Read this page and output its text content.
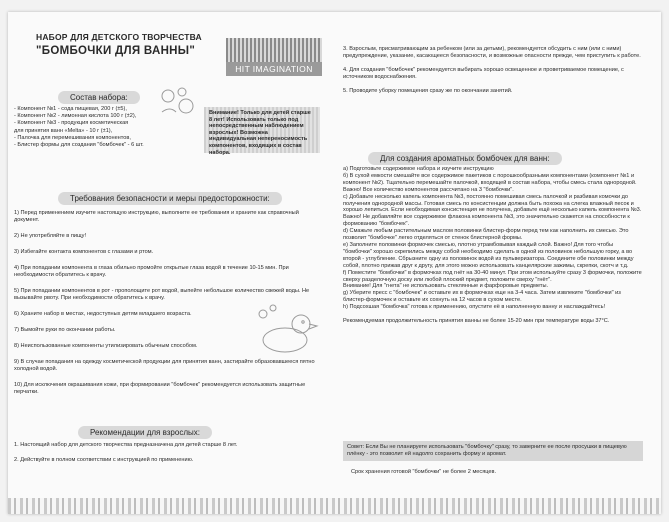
НАБОР ДЛЯ ДЕТСКОГО ТВОРЧЕСТВА
"БОМБОЧКИ ДЛЯ ВАННЫ"
HIT IMAGINATION
Состав набора:
- Компонент №1 - сода пищевая, 200 г (±5),
- Компонент №2 - лимонная кислота 100 г (±2),
- Компонент №3 - продукция косметическая
для принятия ванн «Melta» - 10 г (±1),
- Палочка для перемешивания компонентов,
- Блистер формы для создания "бомбочек" - 6 шт.
Внимание! Только для детей старше 8 лет! Использовать только под непосредственным наблюдением взрослых! Возможна индивидуальная непереносимость компонентов, входящих в состав набора.
Требования безопасности и меры предосторожности:

1) Перед применением изучите настоящую инструкцию, выполните ее требования и храните как справочный документ.

2) Не употребляйте в пищу!

3) Избегайте контакта компонентов с глазами и ртом.

4) При попадании компонента в глаза обильно промойте открытые глаза водой в течение 10-15 мин. При необходимости обратитесь к врачу.

5) При попадании компонентов в рот - прополощите рот водой, выпейте небольшое количество свежей воды. Не вызывайте рвоту. При необходимости обратитесь к врачу.

6) Храните набор в местах, недоступных детям младшего возраста.

7) Вымойте руки по окончании работы.

8) Неиспользованные компоненты утилизировать обычным способом.

9) В случае попадания на одежду косметической продукции для принятия ванн, застирайте образовавшееся пятно холодной водой.

10) Для исключения окрашивания кожи, при формировании "бомбочек" рекомендуется использовать защитные перчатки.

Рекомендации для взрослых:

1. Настоящий набор для детского творчества предназначена для детей старше 8 лет.

2. Действуйте в полном соответствии с инструкцией по применению.

3. Взрослым, присматривающим за ребенком (или за детьми), рекомендуется обсудить с ним (или с ними) предупреждение, указание, касающееся безопасности, и возможные опасности прежде, чем приступить к работе.

4. Для создания "бомбочек" рекомендуется выбирать хорошо освещенное и проветриваемое помещение, с источником водоснабжения.

5. Проводите уборку помещения сразу же по окончании занятий.

Для создания ароматных бомбочек для ванн:

а) Подготовьте содержимое набора и изучите инструкцию

б) В сухой емкости смешайте все содержимое пакетиков с порошкообразными компонентами (компонент №1 и компонент №2). Тщательно перемешайте палочкой, входящей в состав набора, чтобы смесь стала однородной.

Важно! Все количество компонентов рассчитано на 3 "бомбочки".

с) Добавьте несколько капель компонента №3, постоянно помешивая смесь палочкой и разбивая комочки до получения однородной массы. Готовая смесь по консистенции должна быть похожа на слегка влажный песок и хорошо лепиться. Если необходимая консистенция не получена, добавьте ещё несколько капель компонента №3. Важно! Не добавляйте все содержимое флакона компонента №3, это значительно скажется на способности к формованию "бомбочек".

d) Смажьте любым растительным маслом половинки блистер-форм перед тем как наполнить их смесью. Это позволит "бомбочке" легко отделяться от стенок блистерной формы.

е) Заполните половинки формочек смесью, плотно утрамбовывая каждый слой. Важно! Для того чтобы "бомбочки" хорошо скрепились между собой необходимо сделать в одной из половинок небольшую горку, а во второй - углубление. Сбрызните одну из половинок водой из пульверизатора. Соедините обе половинки между собой, плотно прижав друг к другу, для этого можно использовать канцелярские зажимы, скрепки, скотч и т.д.

f) Поместите "бомбочки" в формочках под гнёт на 30-40 минут. При этом используйте сразу 3 формочки, положите сверху разделочную доску или любой плоский предмет, положите сверху "гнёт".

Внимание! Для "гнета" не использовать стеклянные и фарфоровые предметы.

g) Уберите пресс с "бомбочек" и оставьте их в формочках еще на 3-4 часа. Затем извлеките "бомбочки" из блистер-формочек и оставьте их сохнуть на 12 часов в сухом месте.

h) Подсохшая "бомбочка" готова к применению, опустите её в наполненную ванну и наслаждайтесь!

Рекомендуемая продолжительность принятия ванны не более 15-20 мин при температуре воды 37°С.

Совет: Если Вы не планируете использовать "бомбочку" сразу, то заверните ее после просушки в пищевую плёнку - это позволит ей надолго сохранить форму и аромат.
Срок хранения готовой "бомбочки" не более 2 месяцев.
